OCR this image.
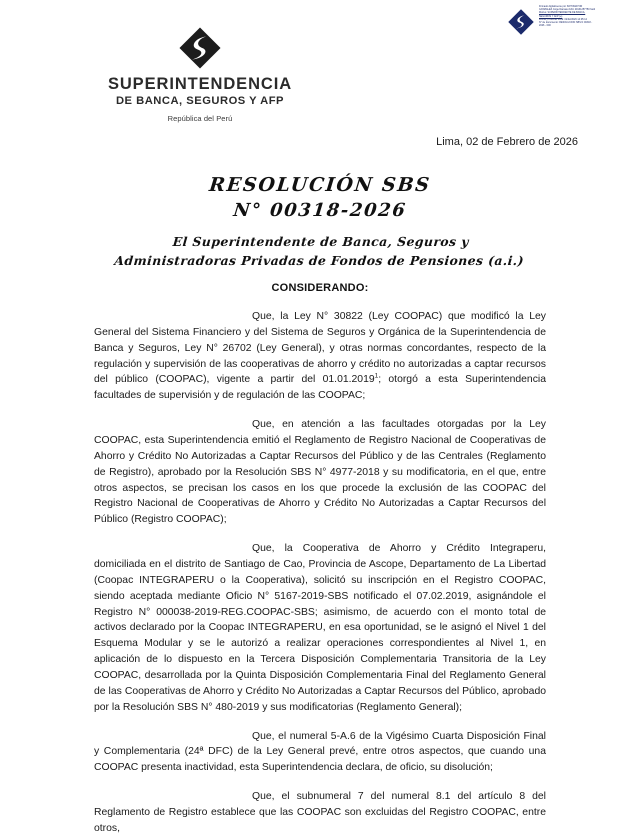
Firmado digitalmente por SOTOMAYOR
GONZALEZ Jorge Damaso FAU 20131257750 hard
Motivo: SUPERINTENDENTE DE BANCA,
SEGUROS Y AFP (e)
Fecha y Hora de firma: 02/02/2026 14:05:12
N° de documento: RESOLUCION SBS N 00318 -
2026 - 000
SUPERINTENDENCIA
DE BANCA, SEGUROS Y AFP
República del Perú
Lima, 02 de Febrero de 2026
RESOLUCIÓN SBS
N° 00318-2026
El Superintendente de Banca, Seguros y
Administradoras Privadas de Fondos de Pensiones (a.i.)
CONSIDERANDO:

Que, la Ley N° 30822 (Ley COOPAC) que modificó la Ley General del Sistema Financiero y del Sistema de Seguros y Orgánica de la Superintendencia de Banca y Seguros, Ley N° 26702 (Ley General), y otras normas concordantes, respecto de la regulación y supervisión de las cooperativas de ahorro y crédito no autorizadas a captar recursos del público (COOPAC), vigente a partir del 01.01.2019$^1$; otorgó a esta Superintendencia facultades de supervisión y de regulación de las COOPAC;

Que, en atención a las facultades otorgadas por la Ley COOPAC, esta Superintendencia emitió el Reglamento de Registro Nacional de Cooperativas de Ahorro y Crédito No Autorizadas a Captar Recursos del Público y de las Centrales (Reglamento de Registro), aprobado por la Resolución SBS N° 4977-2018 y su modificatoria, en el que, entre otros aspectos, se precisan los casos en los que procede la exclusión de las COOPAC del Registro Nacional de Cooperativas de Ahorro y Crédito No Autorizadas a Captar Recursos del Público (Registro COOPAC);

Que, la Cooperativa de Ahorro y Crédito Integraperu, domiciliada en el distrito de Santiago de Cao, Provincia de Ascope, Departamento de La Libertad (Coopac INTEGRAPERU o la Cooperativa), solicitó su inscripción en el Registro COOPAC, siendo aceptada mediante Oficio N° 5167-2019-SBS notificado el 07.02.2019, asignándole el Registro N° 000038-2019-REG.COOPAC-SBS; asimismo, de acuerdo con el monto total de activos declarado por la Coopac INTEGRAPERU, en esa oportunidad, se le asignó el Nivel 1 del Esquema Modular y se le autorizó a realizar operaciones correspondientes al Nivel 1, en aplicación de lo dispuesto en la Tercera Disposición Complementaria Transitoria de la Ley COOPAC, desarrollada por la Quinta Disposición Complementaria Final del Reglamento General de las Cooperativas de Ahorro y Crédito No Autorizadas a Captar Recursos del Público, aprobado por la Resolución SBS N° 480-2019 y sus modificatorias (Reglamento General);

Que, el numeral 5-A.6 de la Vigésimo Cuarta Disposición Final y Complementaria (24ª DFC) de la Ley General prevé, entre otros aspectos, que cuando una COOPAC presenta inactividad, esta Superintendencia declara, de oficio, su disolución;

Que, el subnumeral 7 del numeral 8.1 del artículo 8 del Reglamento de Registro establece que las COOPAC son excluidas del Registro COOPAC, entre otros,
